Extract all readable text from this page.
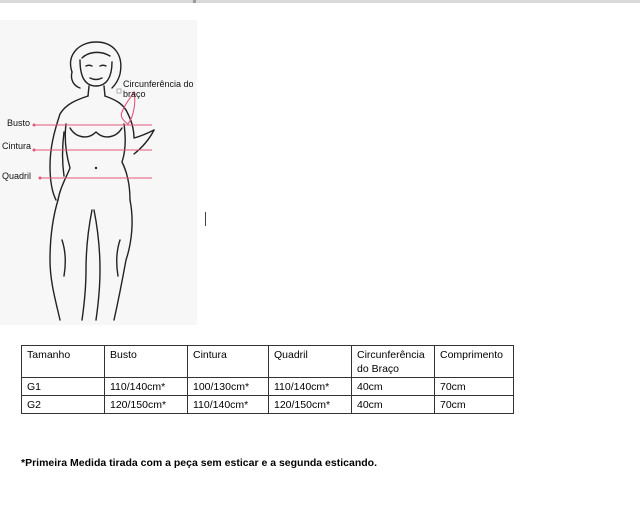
Circunferência do braço
Busto
Cintura
Quadril
Tamanho	Busto	Cintura	Quadril	Circunferência do Braço	Comprimento
G1	110/140cm*	100/130cm*	110/140cm*	40cm	70cm
G2	120/150cm*	110/140cm*	120/150cm*	40cm	70cm
*Primeira Medida tirada com a peça sem esticar e a segunda esticando.
